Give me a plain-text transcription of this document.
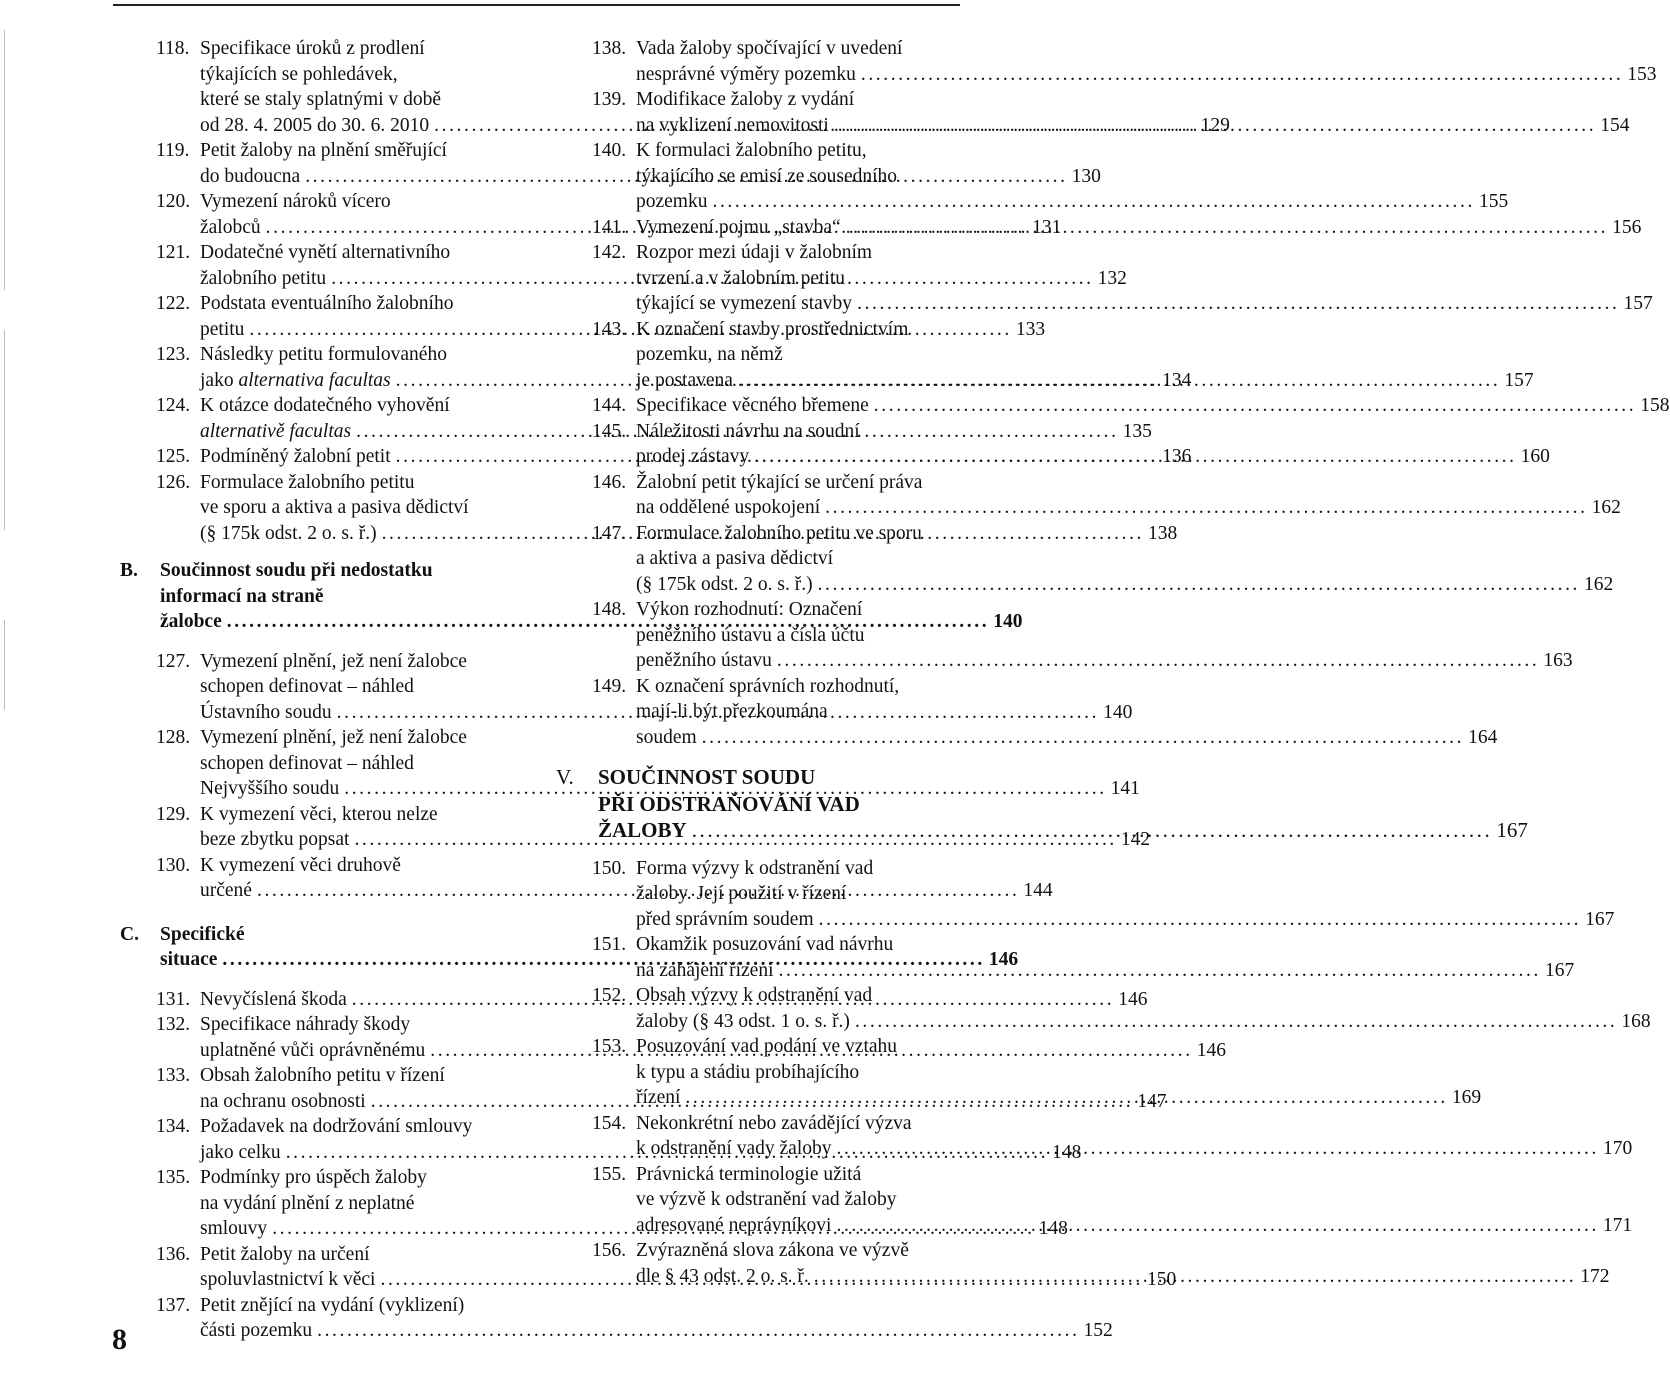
118. Specifikace úroků z prodlení
týkajících se pohledávek,
které se staly splatnými v době
od 28. 4. 2005 do 30. 6. 2010 .....	129
119. Petit žaloby na plnění směřující
do budoucna .....	130
120. Vymezení nároků vícero
žalobců .....	131
121. Dodatečné vynětí alternativního
žalobního petitu .....	132
122. Podstata eventuálního žalobního
petitu .....	133
123. Následky petitu formulovaného
jako alternativa facultas .....	134
124. K otázce dodatečného vyhovění
alternativě facultas .....	135
125. Podmíněný žalobní petit .....	136
126. Formulace žalobního petitu
ve sporu a aktiva a pasiva dědictví
(§ 175k odst. 2 o. s. ř.) .....	138
B. Součinnost soudu při nedostatku
informací na straně žalobce .....	140
127. Vymezení plnění, jež není žalobce
schopen definovat – náhled
Ústavního soudu .....	140
128. Vymezení plnění, jež není žalobce
schopen definovat – náhled
Nejvyššího soudu .....	141
129. K vymezení věci, kterou nelze
beze zbytku popsat .....	142
130. K vymezení věci druhově
určené .....	144
C. Specifické situace .....	146
131. Nevyčíslená škoda .....	146
132. Specifikace náhrady škody
uplatněné vůči oprávněnému .....	146
133. Obsah žalobního petitu v řízení
na ochranu osobnosti .....	147
134. Požadavek na dodržování smlouvy
jako celku .....	148
135. Podmínky pro úspěch žaloby
na vydání plnění z neplatné
smlouvy .....	148
136. Petit žaloby na určení
spoluvlastnictví k věci .....	150
137. Petit znějící na vydání (vyklizení)
části pozemku .....	152
138. Vada žaloby spočívající v uvedení
nesprávné výměry pozemku .....	153
139. Modifikace žaloby z vydání
na vyklizení nemovitosti .....	154
140. K formulaci žalobního petitu,
týkajícího se emisí ze sousedního
pozemku .....	155
141. Vymezení pojmu „stavba“ .....	156
142. Rozpor mezi údaji v žalobním
tvrzení a v žalobním petitu
týkající se vymezení stavby .....	157
143. K označení stavby prostřednictvím
pozemku, na němž
je postavena .....	157
144. Specifikace věcného břemene .....	158
145. Náležitosti návrhu na soudní
prodej zástavy .....	160
146. Žalobní petit týkající se určení práva
na oddělené uspokojení .....	162
147. Formulace žalobního petitu ve sporu
a aktiva a pasiva dědictví
(§ 175k odst. 2 o. s. ř.) .....	162
148. Výkon rozhodnutí: Označení
peněžního ústavu a čísla účtu
peněžního ústavu .....	163
149. K označení správních rozhodnutí,
mají-li být přezkoumána
soudem .....	164
V. SOUČINNOST SOUDU
PŘI ODSTRAŇOVÁNÍ VAD
ŽALOBY .....	167
150. Forma výzvy k odstranění vad
žaloby. Její použití v řízení
před správním soudem .....	167
151. Okamžik posuzování vad návrhu
na zahájení řízení .....	167
152. Obsah výzvy k odstranění vad
žaloby (§ 43 odst. 1 o. s. ř.) .....	168
153. Posuzování vad podání ve vztahu
k typu a stádiu probíhajícího
řízení .....	169
154. Nekonkrétní nebo zavádějící výzva
k odstranění vady žaloby .....	170
155. Právnická terminologie užitá
ve výzvě k odstranění vad žaloby
adresované neprávníkovi .....	171
156. Zvýrazněná slova zákona ve výzvě
dle § 43 odst. 2 o. s. ř. .....	172
8
